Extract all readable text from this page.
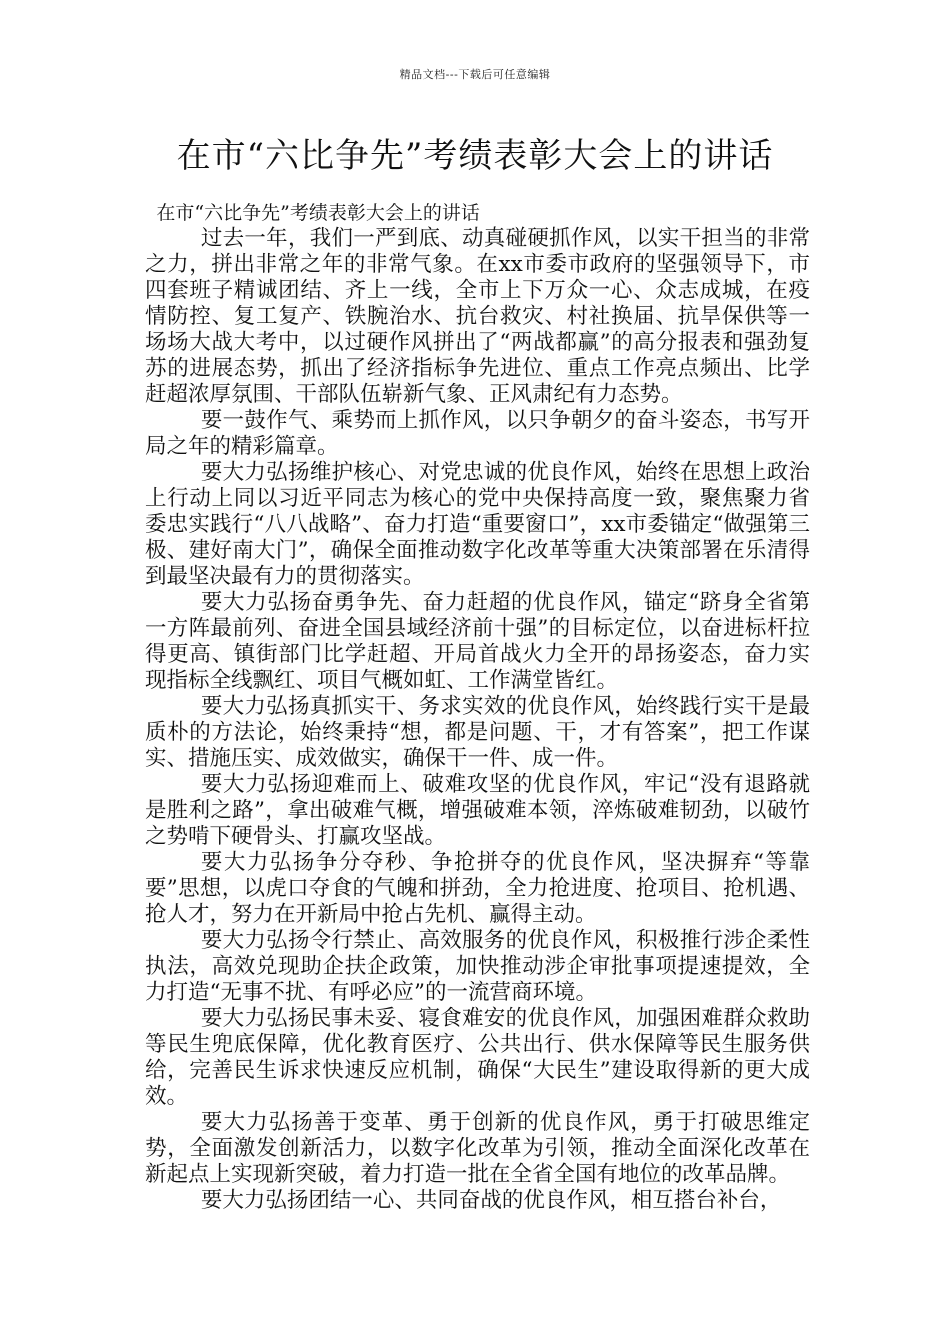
精品文档---下载后可任意编辑
在市“六比争先”考绩表彰大会上的讲话

在市“六比争先”考绩表彰大会上的讲话

过去一年，我们一严到底、动真碰硬抓作风，以实干担当的非常之力，拼出非常之年的非常气象。在xx市委市政府的坚强领导下，市四套班子精诚团结、齐上一线，全市上下万众一心、众志成城，在疫情防控、复工复产、铁腕治水、抗台救灾、村社换届、抗旱保供等一场场大战大考中，以过硬作风拼出了“两战都赢”的高分报表和强劲复苏的进展态势，抓出了经济指标争先进位、重点工作亮点频出、比学赶超浓厚氛围、干部队伍崭新气象、正风肃纪有力态势。

要一鼓作气、乘势而上抓作风，以只争朝夕的奋斗姿态，书写开局之年的精彩篇章。

要大力弘扬维护核心、对党忠诚的优良作风，始终在思想上政治上行动上同以习近平同志为核心的党中央保持高度一致，聚焦聚力省委忠实践行“八八战略”、奋力打造“重要窗口”，xx市委锚定“做强第三极、建好南大门”，确保全面推动数字化改革等重大决策部署在乐清得到最坚决最有力的贯彻落实。

要大力弘扬奋勇争先、奋力赶超的优良作风，锚定“跻身全省第一方阵最前列、奋进全国县域经济前十强”的目标定位，以奋进标杆拉得更高、镇街部门比学赶超、开局首战火力全开的昂扬姿态，奋力实现指标全线飘红、项目气概如虹、工作满堂皆红。

要大力弘扬真抓实干、务求实效的优良作风，始终践行实干是最质朴的方法论，始终秉持“想，都是问题、干，才有答案”，把工作谋实、措施压实、成效做实，确保干一件、成一件。

要大力弘扬迎难而上、破难攻坚的优良作风，牢记“没有退路就是胜利之路”，拿出破难气概，增强破难本领，淬炼破难韧劲，以破竹之势啃下硬骨头、打赢攻坚战。

要大力弘扬争分夺秒、争抢拼夺的优良作风，坚决摒弃“等靠要”思想，以虎口夺食的气魄和拼劲，全力抢进度、抢项目、抢机遇、抢人才，努力在开新局中抢占先机、赢得主动。

要大力弘扬令行禁止、高效服务的优良作风，积极推行涉企柔性执法，高效兑现助企扶企政策，加快推动涉企审批事项提速提效，全力打造“无事不扰、有呼必应”的一流营商环境。

要大力弘扬民事未妥、寝食难安的优良作风，加强困难群众救助等民生兜底保障，优化教育医疗、公共出行、供水保障等民生服务供给，完善民生诉求快速反应机制，确保“大民生”建设取得新的更大成效。

要大力弘扬善于变革、勇于创新的优良作风，勇于打破思维定势，全面激发创新活力，以数字化改革为引领，推动全面深化改革在新起点上实现新突破，着力打造一批在全省全国有地位的改革品牌。

要大力弘扬团结一心、共同奋战的优良作风，相互搭台补台，
